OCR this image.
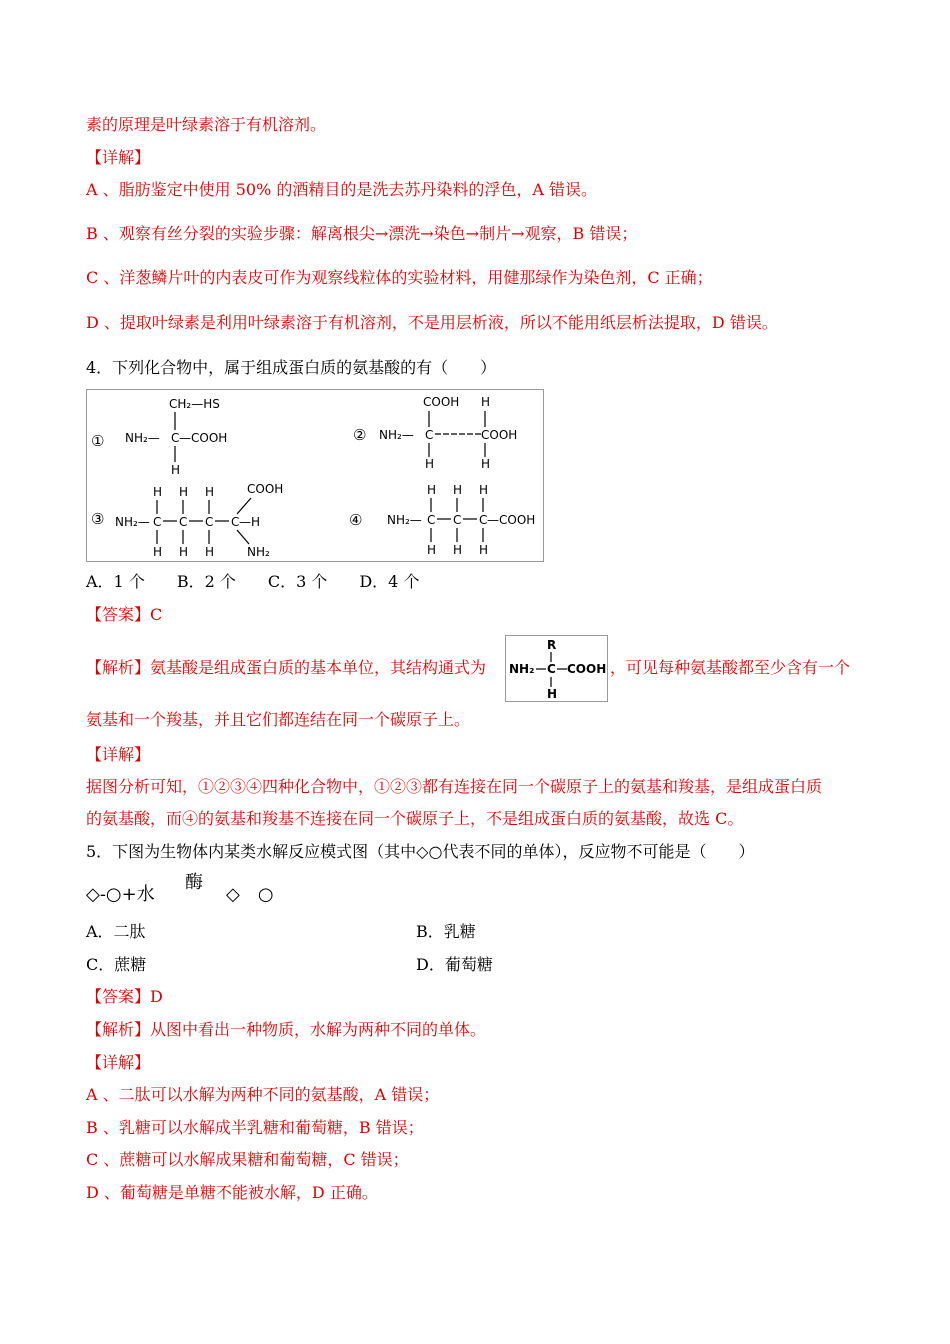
素的原理是叶绿素溶于有机溶剂。
【详解】
A 、脂肪鉴定中使用 50% 的酒精目的是洗去苏丹染料的浮色，A 错误。
B 、观察有丝分裂的实验步骤：解离根尖→漂洗→染色→制片→观察，B 错误；
C 、洋葱鳞片叶的内表皮可作为观察线粒体的实验材料，用健那绿作为染色剂，C 正确；
D 、提取叶绿素是利用叶绿素溶于有机溶剂，不是用层析液，所以不能用纸层析法提取，D 错误。
4．下列化合物中，属于组成蛋白质的氨基酸的有（　　）
①
CH₂—HS
NH₂— C —COOH
H
②
COOH H
NH₂— C	COOH
H	H
③
H H H	COOH
NH₂— C C C C —H
H H H	NH₂
④
H H H
NH₂— C C C —COOH
H H H
A．1 个　　B．2 个　　C．3 个　　D．4 个
【答案】C
【解析】氨基酸是组成蛋白质的基本单位，其结构通式为
R
NH₂ C COOH
H
，可见每种氨基酸都至少含有一个
氨基和一个羧基，并且它们都连结在同一个碳原子上。
【详解】
据图分析可知，①②③④四种化合物中，①②③都有连接在同一个碳原子上的氨基和羧基，是组成蛋白质
的氨基酸，而④的氨基和羧基不连接在同一个碳原子上，不是组成蛋白质的氨基酸，故选 C。
5．下图为生物体内某类水解反应模式图（其中◇○代表不同的单体），反应物不可能是（　　）
◇-○+水
酶
◇　○
A．二肽	B．乳糖
C．蔗糖	D．葡萄糖
【答案】D
【解析】从图中看出一种物质，水解为两种不同的单体。
【详解】
A 、二肽可以水解为两种不同的氨基酸，A 错误；
B 、乳糖可以水解成半乳糖和葡萄糖，B 错误；
C 、蔗糖可以水解成果糖和葡萄糖，C 错误；
D 、葡萄糖是单糖不能被水解，D 正确。
